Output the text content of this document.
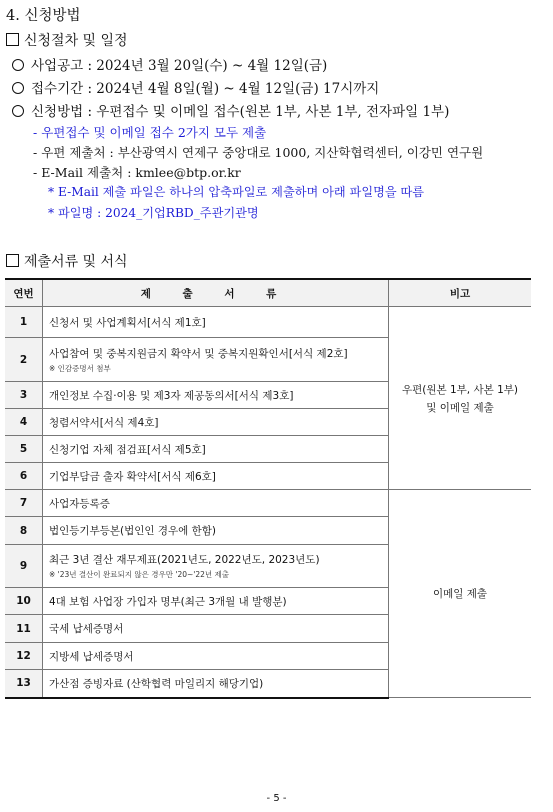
4. 신청방법
신청절차 및 일정
사업공고 : 2024년 3월 20일(수) ~ 4월 12일(금)
접수기간 : 2024년 4월 8일(월) ~ 4월 12일(금) 17시까지
신청방법 : 우편접수 및 이메일 접수(원본 1부, 사본 1부, 전자파일 1부)
- 우편접수 및 이메일 접수 2가지 모두 제출
- 우편 제출처 : 부산광역시 연제구 중앙대로 1000, 지산학협력센터, 이강민 연구원
- E-Mail 제출처 : kmlee@btp.or.kr
* E-Mail 제출 파일은 하나의 압축파일로 제출하며 아래 파일명을 따름
* 파일명 : 2024_기업RBD_주관기관명
제출서류 및 서식
연번	제 출 서 류	비고
1	신청서 및 사업계획서[서식 제1호]	우편(원본 1부, 사본 1부)
및 이메일 제출

2	사업참여 및 중복지원금지 확약서 및 중복지원확인서[서식 제2호]
※ 인감증명서 첨부	

3	개인정보 수집·이용 및 제3자 제공동의서[서식 제3호]	

4	청렴서약서[서식 제4호]	

5	신청기업 자체 점검표[서식 제5호]	

6	기업부담금 출자 확약서[서식 제6호]	

7	사업자등록증	이메일 제출
8	법인등기부등본(법인인 경우에 한함)	

9	최근 3년 결산 재무제표(2021년도, 2022년도, 2023년도)
※ '23년 결산이 완료되지 않은 경우만 '20~'22년 제출	

10	4대 보험 사업장 가입자 명부(최근 3개월 내 발행분)	

11	국세 납세증명서	

12	지방세 납세증명서	

13	가산점 증빙자료 (산학협력 마일리지 해당기업)	
- 5 -
